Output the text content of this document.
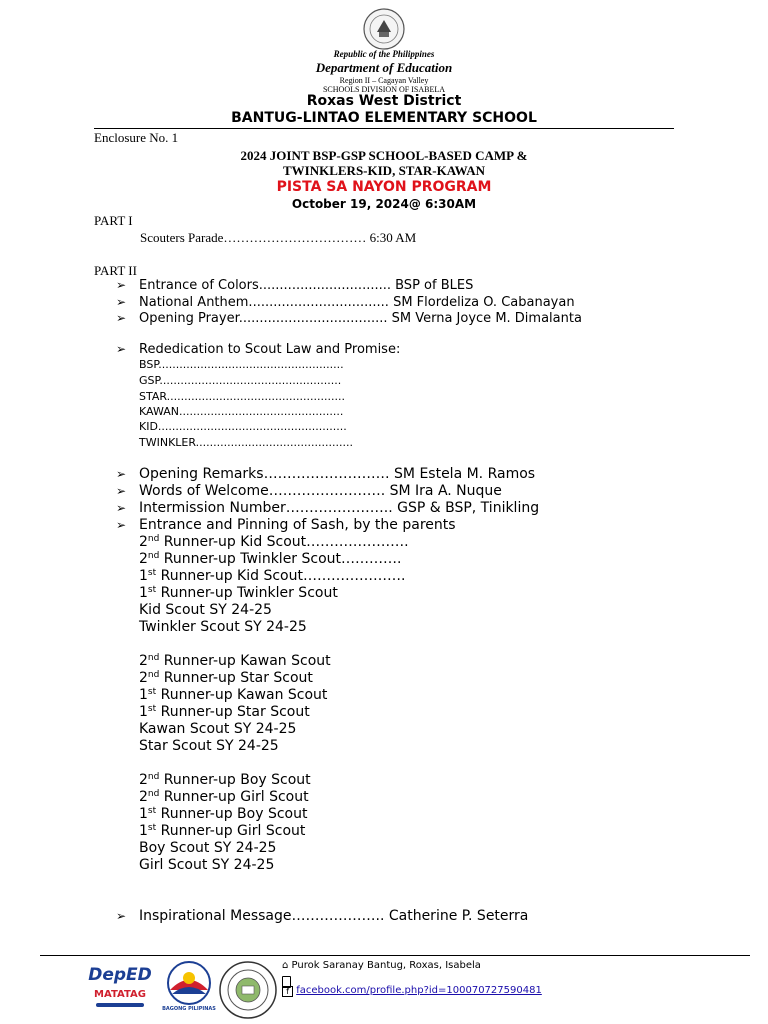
Republic of the Philippines
Department of Education
Region II – Cagayan Valley
SCHOOLS DIVISION OF ISABELA
Roxas West District
BANTUG-LINTAO ELEMENTARY SCHOOL
Enclosure No. 1
2024 JOINT BSP-GSP SCHOOL-BASED CAMP &
TWINKLERS-KID, STAR-KAWAN
PISTA SA NAYON PROGRAM
October 19, 2024@ 6:30AM
PART I
Scouters Parade…………………………… 6:30 AM
PART II
➢ Entrance of Colors................................ BSP of BLES
➢ National Anthem.................................. SM Flordeliza O. Cabanayan
➢ Opening Prayer.................................... SM Verna Joyce M. Dimalanta
➢ Rededication to Scout Law and Promise:
BSP.....................................................
GSP....................................................
STAR...................................................
KAWAN...............................................
KID......................................................
TWINKLER.............................................
➢ Opening Remarks……………………… SM Estela M. Ramos
➢ Words of Welcome……………………. SM Ira A. Nuque
➢ Intermission Number………………….. GSP & BSP, Tinikling
➢ Entrance and Pinning of Sash, by the parents
2nd Runner-up Kid Scout………………….
2nd Runner-up Twinkler Scout………….
1st Runner-up Kid Scout………………….
1st Runner-up Twinkler Scout
Kid Scout SY 24-25
Twinkler Scout SY 24-25
2nd Runner-up Kawan Scout
2nd Runner-up Star Scout
1st Runner-up Kawan Scout
1st Runner-up Star Scout
Kawan Scout SY 24-25
Star Scout SY 24-25
2nd Runner-up Boy Scout
2nd Runner-up Girl Scout
1st Runner-up Boy Scout
1st Runner-up Girl Scout
Boy Scout SY 24-25
Girl Scout SY 24-25
➢ Inspirational Message……………….. Catherine P. Seterra
DepED
MATATAG
BAGONG PILIPINAS
⌂ Purok Saranay Bantug, Roxas, Isabela
f facebook.com/profile.php?id=100070727590481
